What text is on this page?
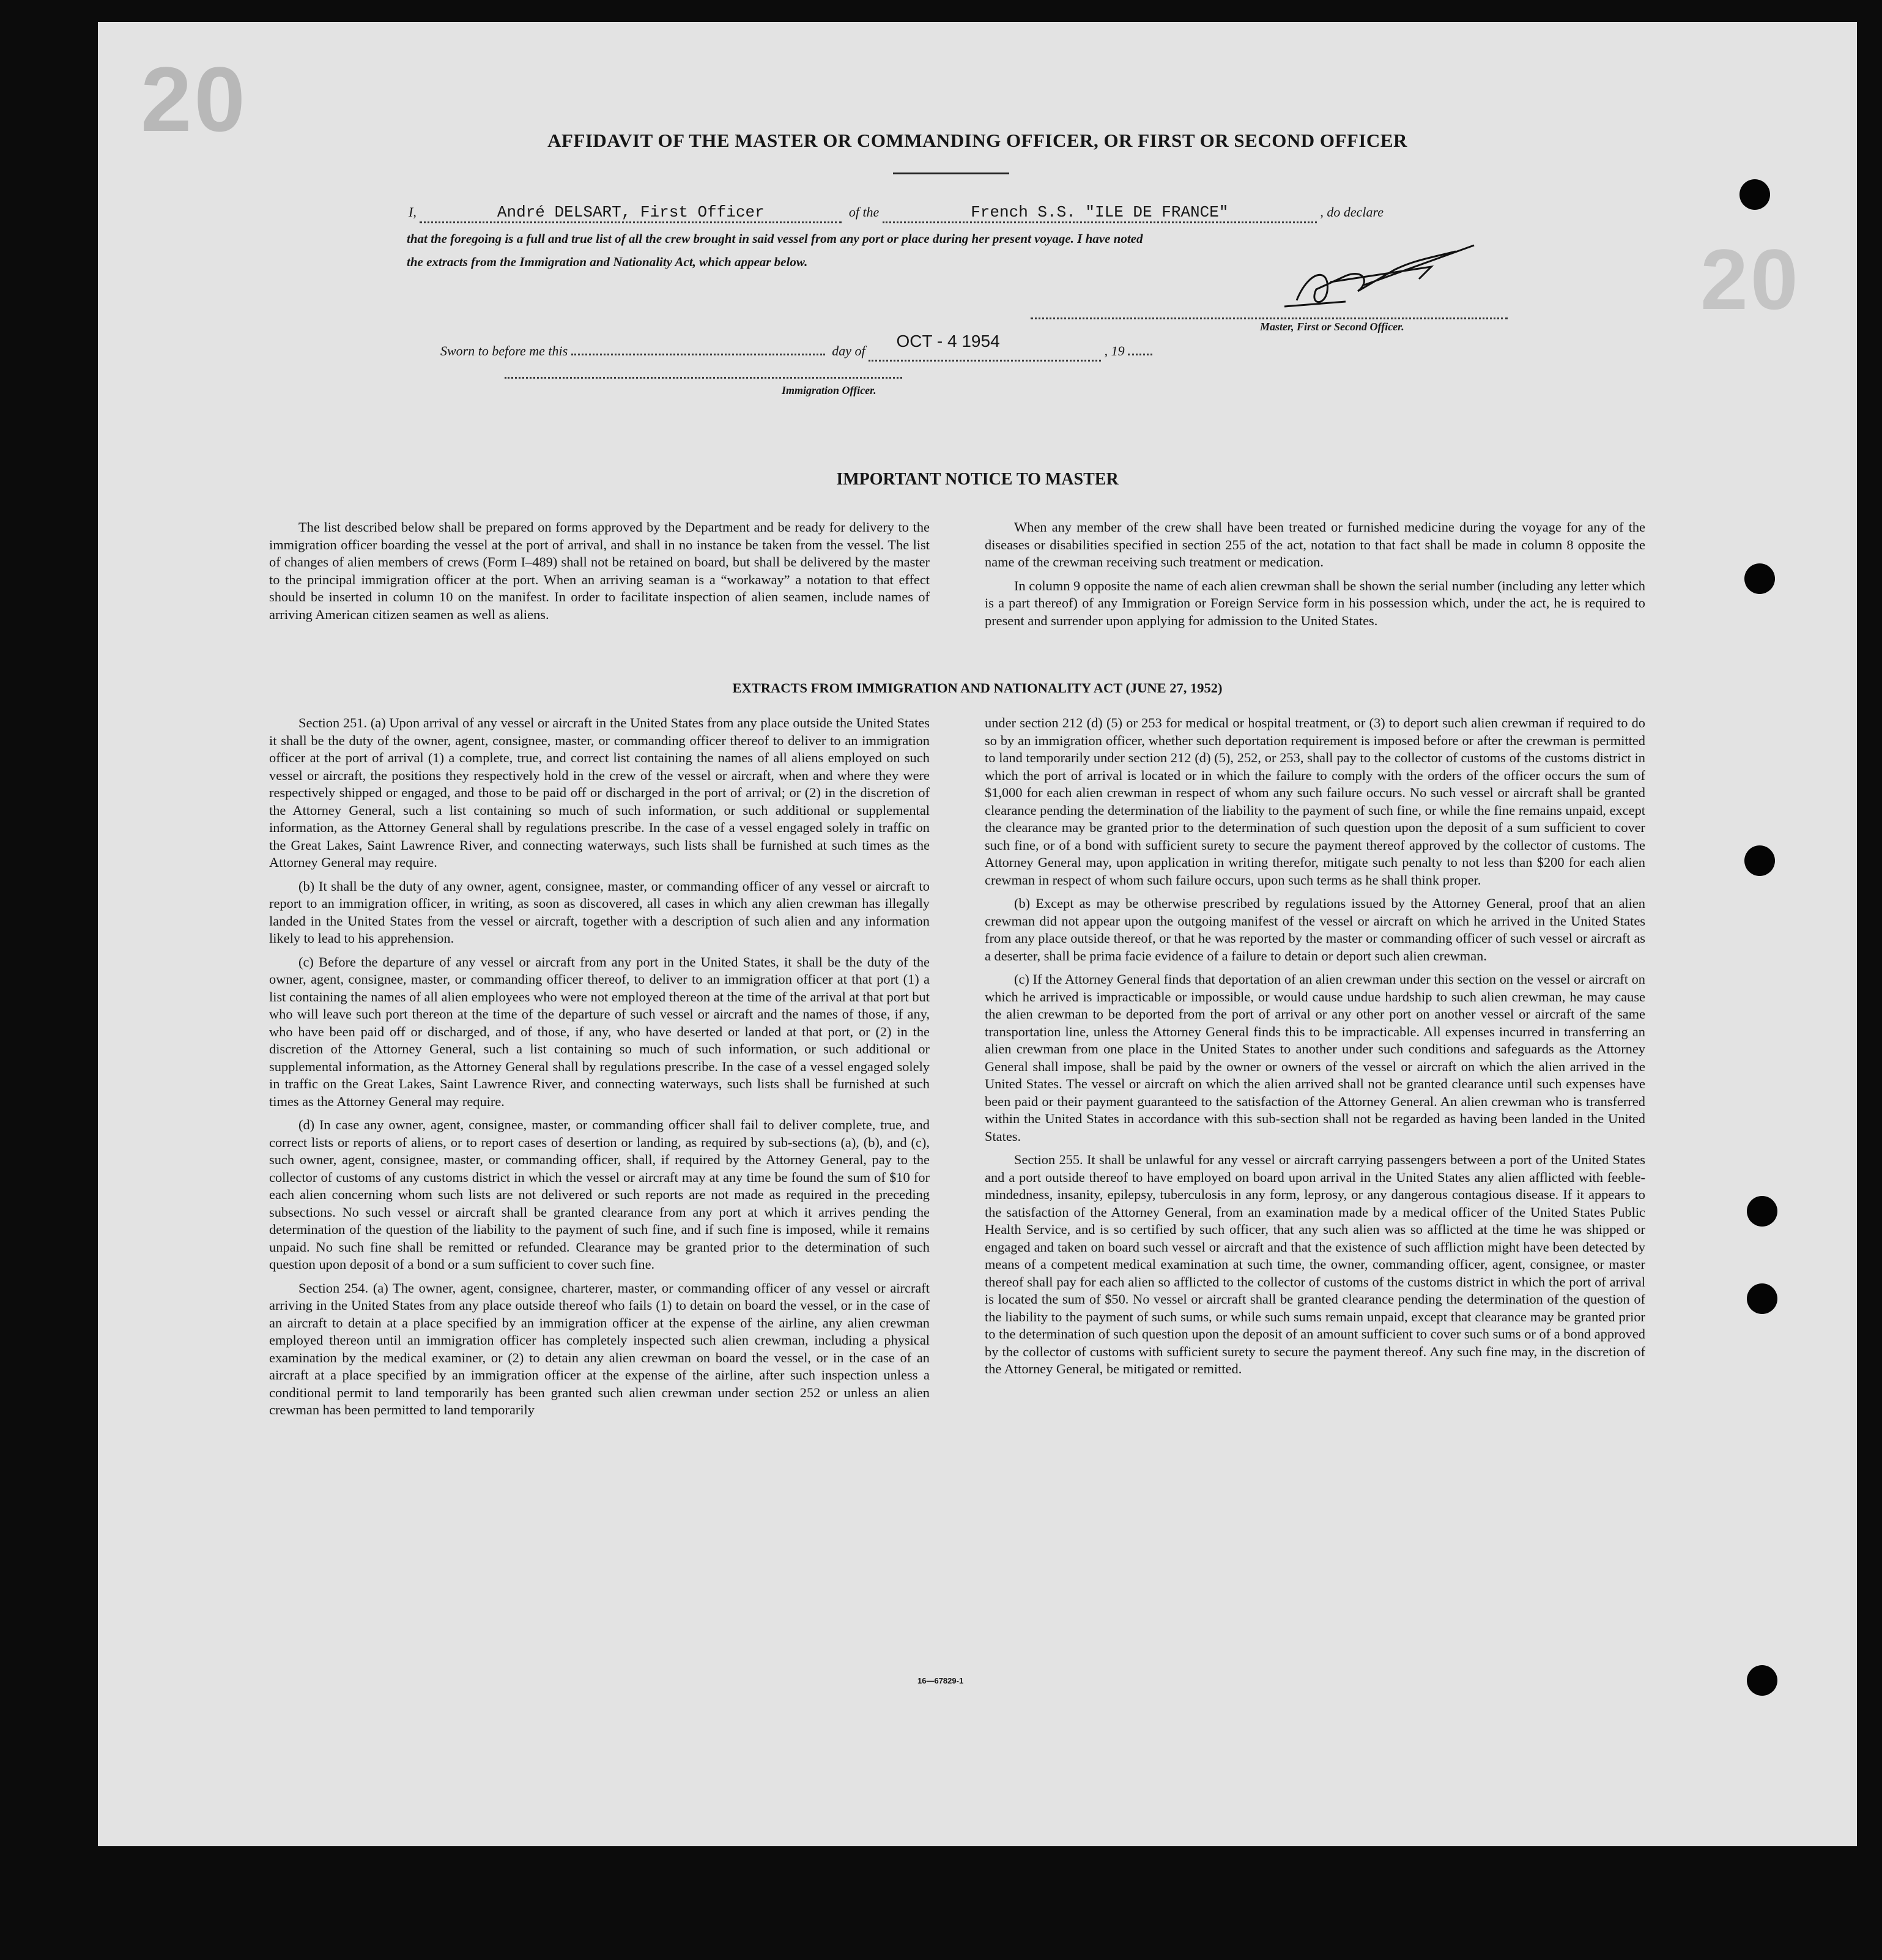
20
20
AFFIDAVIT OF THE MASTER OR COMMANDING OFFICER, OR FIRST OR SECOND OFFICER
I,	André DELSART, First Officer	of the	French S.S. "ILE DE FRANCE"	, do declare
that the foregoing is a full and true list of all the crew brought in said vessel from any port or place during her present voyage. I have noted
the extracts from the Immigration and Nationality Act, which appear below.
Master, First or Second Officer.
Sworn to before me this	day of OCT - 4 1954 , 19
Immigration Officer.
IMPORTANT NOTICE TO MASTER

The list described below shall be prepared on forms approved by the Department and be ready for delivery to the immigration officer boarding the vessel at the port of arrival, and shall in no instance be taken from the vessel. The list of changes of alien members of crews (Form I–489) shall not be retained on board, but shall be delivered by the master to the principal immigration officer at the port. When an arriving seaman is a “workaway” a notation to that effect should be inserted in column 10 on the manifest. In order to facilitate inspection of alien seamen, include names of arriving American citizen seamen as well as aliens.

When any member of the crew shall have been treated or furnished medicine during the voyage for any of the diseases or disabilities specified in section 255 of the act, notation to that fact shall be made in column 8 opposite the name of the crewman receiving such treatment or medication.

In column 9 opposite the name of each alien crewman shall be shown the serial number (including any letter which is a part thereof) of any Immigration or Foreign Service form in his possession which, under the act, he is required to present and surrender upon applying for admission to the United States.

EXTRACTS FROM IMMIGRATION AND NATIONALITY ACT (JUNE 27, 1952)

Section 251. (a) Upon arrival of any vessel or aircraft in the United States from any place outside the United States it shall be the duty of the owner, agent, consignee, master, or commanding officer thereof to deliver to an immigration officer at the port of arrival (1) a complete, true, and correct list containing the names of all aliens employed on such vessel or aircraft, the positions they respectively hold in the crew of the vessel or aircraft, when and where they were respectively shipped or engaged, and those to be paid off or discharged in the port of arrival; or (2) in the discretion of the Attorney General, such a list containing so much of such information, or such additional or supplemental information, as the Attorney General shall by regulations prescribe. In the case of a vessel engaged solely in traffic on the Great Lakes, Saint Lawrence River, and connecting waterways, such lists shall be furnished at such times as the Attorney General may require.

(b) It shall be the duty of any owner, agent, consignee, master, or commanding officer of any vessel or aircraft to report to an immigration officer, in writing, as soon as discovered, all cases in which any alien crewman has illegally landed in the United States from the vessel or aircraft, together with a description of such alien and any information likely to lead to his apprehension.

(c) Before the departure of any vessel or aircraft from any port in the United States, it shall be the duty of the owner, agent, consignee, master, or commanding officer thereof, to deliver to an immigration officer at that port (1) a list containing the names of all alien employees who were not employed thereon at the time of the arrival at that port but who will leave such port thereon at the time of the departure of such vessel or aircraft and the names of those, if any, who have been paid off or discharged, and of those, if any, who have deserted or landed at that port, or (2) in the discretion of the Attorney General, such a list containing so much of such information, or such additional or supplemental information, as the Attorney General shall by regulations prescribe. In the case of a vessel engaged solely in traffic on the Great Lakes, Saint Lawrence River, and connecting waterways, such lists shall be furnished at such times as the Attorney General may require.

(d) In case any owner, agent, consignee, master, or commanding officer shall fail to deliver complete, true, and correct lists or reports of aliens, or to report cases of desertion or landing, as required by sub-sections (a), (b), and (c), such owner, agent, consignee, master, or commanding officer, shall, if required by the Attorney General, pay to the collector of customs of any customs district in which the vessel or aircraft may at any time be found the sum of $10 for each alien concerning whom such lists are not delivered or such reports are not made as required in the preceding subsections. No such vessel or aircraft shall be granted clearance from any port at which it arrives pending the determination of the question of the liability to the payment of such fine, and if such fine is imposed, while it remains unpaid. No such fine shall be remitted or refunded. Clearance may be granted prior to the determination of such question upon deposit of a bond or a sum sufficient to cover such fine.

Section 254. (a) The owner, agent, consignee, charterer, master, or commanding officer of any vessel or aircraft arriving in the United States from any place outside thereof who fails (1) to detain on board the vessel, or in the case of an aircraft to detain at a place specified by an immigration officer at the expense of the airline, any alien crewman employed thereon until an immigration officer has completely inspected such alien crewman, including a physical examination by the medical examiner, or (2) to detain any alien crewman on board the vessel, or in the case of an aircraft at a place specified by an immigration officer at the expense of the airline, after such inspection unless a conditional permit to land temporarily has been granted such alien crewman under section 252 or unless an alien crewman has been permitted to land temporarily

under section 212 (d) (5) or 253 for medical or hospital treatment, or (3) to deport such alien crewman if required to do so by an immigration officer, whether such deportation requirement is imposed before or after the crewman is permitted to land temporarily under section 212 (d) (5), 252, or 253, shall pay to the collector of customs of the customs district in which the port of arrival is located or in which the failure to comply with the orders of the officer occurs the sum of $1,000 for each alien crewman in respect of whom any such failure occurs. No such vessel or aircraft shall be granted clearance pending the determination of the liability to the payment of such fine, or while the fine remains unpaid, except the clearance may be granted prior to the determination of such question upon the deposit of a sum sufficient to cover such fine, or of a bond with sufficient surety to secure the payment thereof approved by the collector of customs. The Attorney General may, upon application in writing therefor, mitigate such penalty to not less than $200 for each alien crewman in respect of whom such failure occurs, upon such terms as he shall think proper.

(b) Except as may be otherwise prescribed by regulations issued by the Attorney General, proof that an alien crewman did not appear upon the outgoing manifest of the vessel or aircraft on which he arrived in the United States from any place outside thereof, or that he was reported by the master or commanding officer of such vessel or aircraft as a deserter, shall be prima facie evidence of a failure to detain or deport such alien crewman.

(c) If the Attorney General finds that deportation of an alien crewman under this section on the vessel or aircraft on which he arrived is impracticable or impossible, or would cause undue hardship to such alien crewman, he may cause the alien crewman to be deported from the port of arrival or any other port on another vessel or aircraft of the same transportation line, unless the Attorney General finds this to be impracticable. All expenses incurred in transferring an alien crewman from one place in the United States to another under such conditions and safeguards as the Attorney General shall impose, shall be paid by the owner or owners of the vessel or aircraft on which the alien arrived in the United States. The vessel or aircraft on which the alien arrived shall not be granted clearance until such expenses have been paid or their payment guaranteed to the satisfaction of the Attorney General. An alien crewman who is transferred within the United States in accordance with this sub-section shall not be regarded as having been landed in the United States.

Section 255. It shall be unlawful for any vessel or aircraft carrying passengers between a port of the United States and a port outside thereof to have employed on board upon arrival in the United States any alien afflicted with feeble-mindedness, insanity, epilepsy, tuberculosis in any form, leprosy, or any dangerous contagious disease. If it appears to the satisfaction of the Attorney General, from an examination made by a medical officer of the United States Public Health Service, and is so certified by such officer, that any such alien was so afflicted at the time he was shipped or engaged and taken on board such vessel or aircraft and that the existence of such affliction might have been detected by means of a competent medical examination at such time, the owner, commanding officer, agent, consignee, or master thereof shall pay for each alien so afflicted to the collector of customs of the customs district in which the port of arrival is located the sum of $50. No vessel or aircraft shall be granted clearance pending the determination of the question of the liability to the payment of such sums, or while such sums remain unpaid, except that clearance may be granted prior to the determination of such question upon the deposit of an amount sufficient to cover such sums or of a bond approved by the collector of customs with sufficient surety to secure the payment thereof. Any such fine may, in the discretion of the Attorney General, be mitigated or remitted.

16—67829-1
